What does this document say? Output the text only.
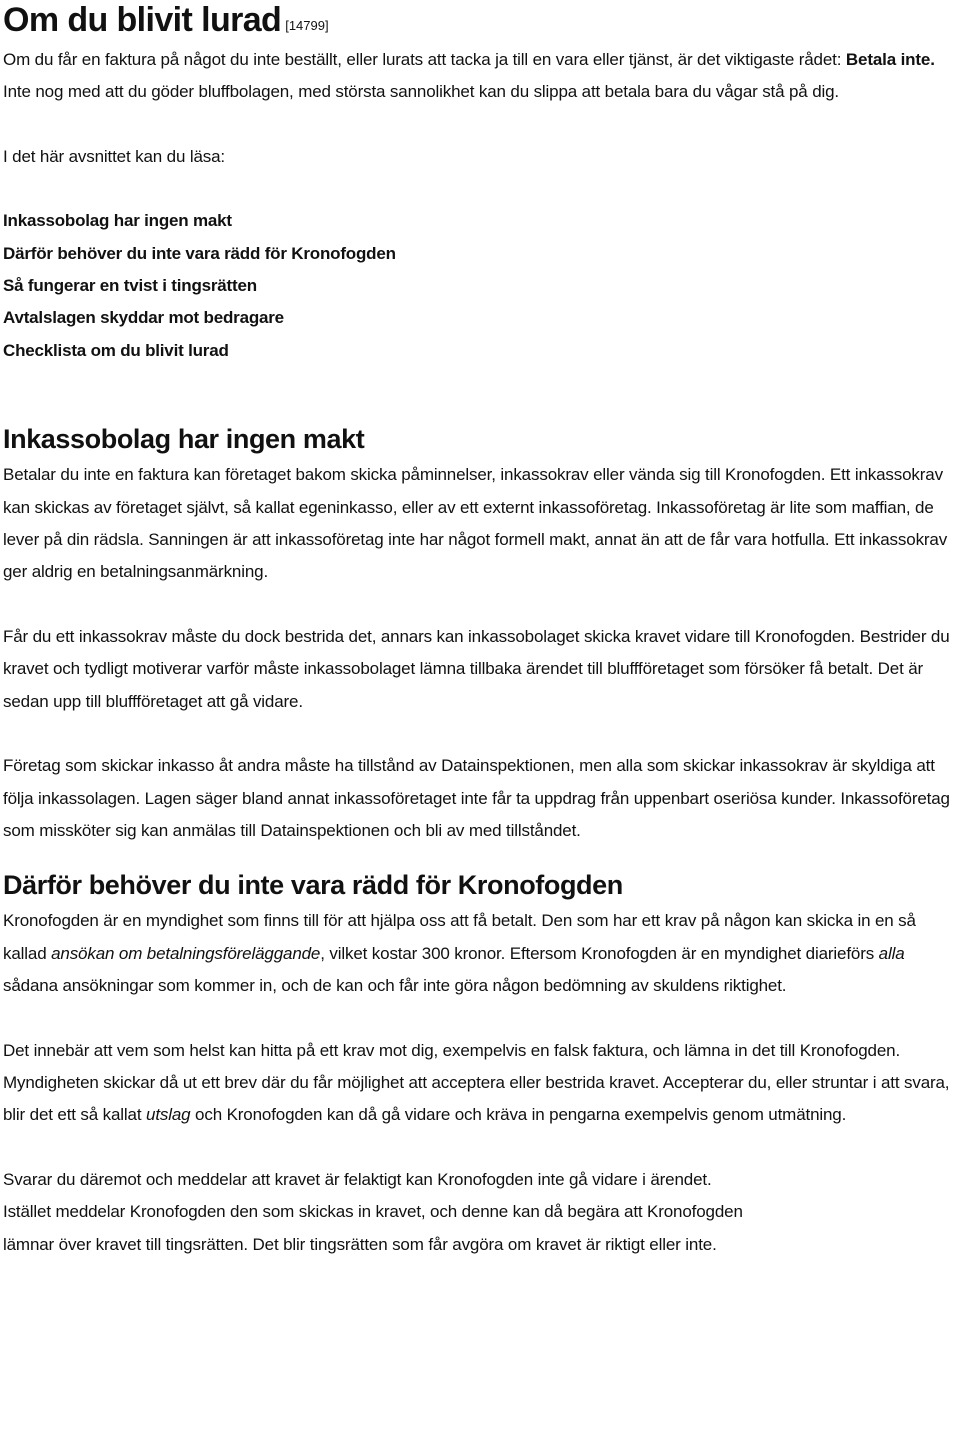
Om du blivit lurad [14799]

Om du får en faktura på något du inte beställt, eller lurats att tacka ja till en vara eller tjänst, är det viktigaste rådet: Betala inte. Inte nog med att du göder bluffbolagen, med största sannolikhet kan du slippa att betala bara du vågar stå på dig.

I det här avsnittet kan du läsa:

Inkassobolag har ingen makt
Därför behöver du inte vara rädd för Kronofogden
Så fungerar en tvist i tingsrätten
Avtalslagen skyddar mot bedragare
Checklista om du blivit lurad
Inkassobolag har ingen makt

Betalar du inte en faktura kan företaget bakom skicka påminnelser, inkassokrav eller vända sig till Kronofogden. Ett inkassokrav kan skickas av företaget självt, så kallat egeninkasso, eller av ett externt inkassoföretag. Inkassoföretag är lite som maffian, de lever på din rädsla. Sanningen är att inkassoföretag inte har något formell makt, annat än att de får vara hotfulla. Ett inkassokrav ger aldrig en betalningsanmärkning.

Får du ett inkassokrav måste du dock bestrida det, annars kan inkassobolaget skicka kravet vidare till Kronofogden. Bestrider du kravet och tydligt motiverar varför måste inkassobolaget lämna tillbaka ärendet till bluffföretaget som försöker få betalt. Det är sedan upp till bluffföretaget att gå vidare.

Företag som skickar inkasso åt andra måste ha tillstånd av Datainspektionen, men alla som skickar inkassokrav är skyldiga att följa inkassolagen. Lagen säger bland annat inkassoföretaget inte får ta uppdrag från uppenbart oseriösa kunder. Inkassoföretag som missköter sig kan anmälas till Datainspektionen och bli av med tillståndet.

Därför behöver du inte vara rädd för Kronofogden

Kronofogden är en myndighet som finns till för att hjälpa oss att få betalt. Den som har ett krav på någon kan skicka in en så kallad ansökan om betalningsföreläggande, vilket kostar 300 kronor. Eftersom Kronofogden är en myndighet diarieförs alla sådana ansökningar som kommer in, och de kan och får inte göra någon bedömning av skuldens riktighet.

Det innebär att vem som helst kan hitta på ett krav mot dig, exempelvis en falsk faktura, och lämna in det till Kronofogden. Myndigheten skickar då ut ett brev där du får möjlighet att acceptera eller bestrida kravet. Accepterar du, eller struntar i att svara, blir det ett så kallat utslag och Kronofogden kan då gå vidare och kräva in pengarna exempelvis genom utmätning.

Svarar du däremot och meddelar att kravet är felaktigt kan Kronofogden inte gå vidare i ärendet.
Istället meddelar Kronofogden den som skickas in kravet, och denne kan då begära att Kronofogden
lämnar över kravet till tingsrätten. Det blir tingsrätten som får avgöra om kravet är riktigt eller inte.
